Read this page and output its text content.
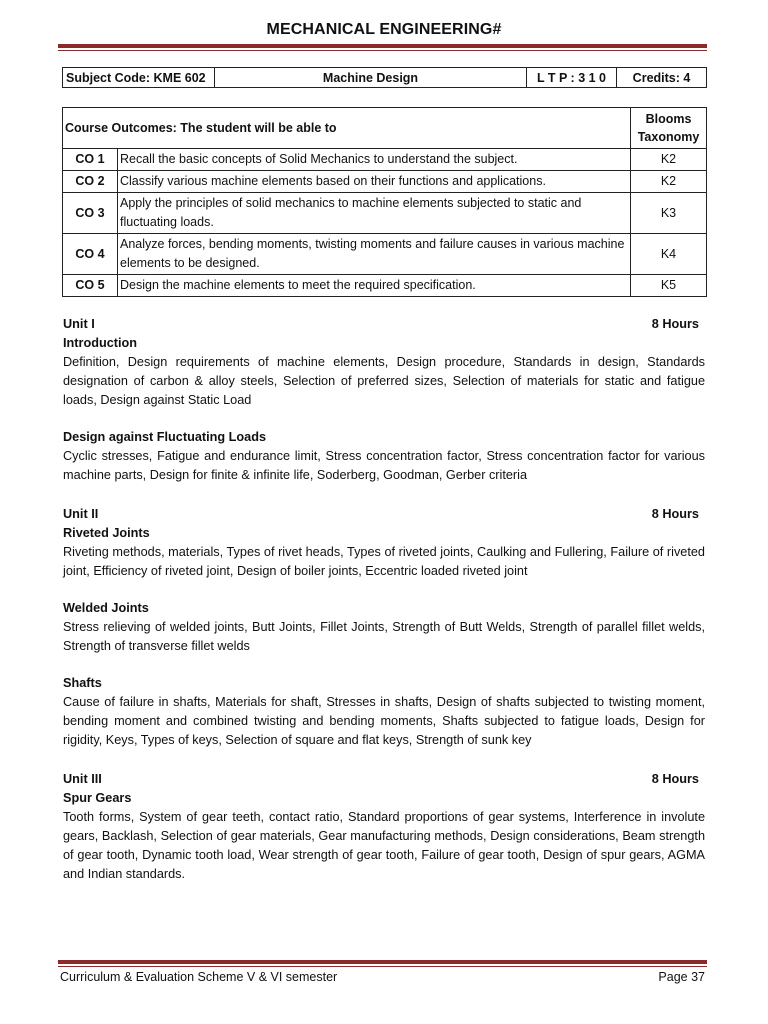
MECHANICAL ENGINEERING#
Subject Code: KME 602	Machine Design	L T P : 3 1 0	Credits: 4
Course Outcomes: The student will be able to		Blooms
Taxonomy
CO 1	Recall the basic concepts of Solid Mechanics to understand the subject.	K2
CO 2	Classify various machine elements based on their functions and applications.	K2
CO 3	Apply the principles of solid mechanics to machine elements subjected to static and fluctuating loads.	K3
CO 4	Analyze forces, bending moments, twisting moments and failure causes in various machine elements to be designed.	K4
CO 5	Design the machine elements to meet the required specification.	K5
Unit I	8 Hours
Introduction
Definition, Design requirements of machine elements, Design procedure, Standards in design, Standards designation of carbon & alloy steels, Selection of preferred sizes, Selection of materials for static and fatigue loads, Design against Static Load
Design against Fluctuating Loads
Cyclic stresses, Fatigue and endurance limit, Stress concentration factor, Stress concentration factor for various machine parts, Design for finite & infinite life, Soderberg, Goodman, Gerber criteria
Unit II	8 Hours
Riveted Joints
Riveting methods, materials, Types of rivet heads, Types of riveted joints, Caulking and Fullering, Failure of riveted joint, Efficiency of riveted joint, Design of boiler joints, Eccentric loaded riveted joint
Welded Joints
Stress relieving of welded joints, Butt Joints, Fillet Joints, Strength of Butt Welds, Strength of parallel fillet welds, Strength of transverse fillet welds
Shafts
Cause of failure in shafts, Materials for shaft, Stresses in shafts, Design of shafts subjected to twisting moment, bending moment and combined twisting and bending moments, Shafts subjected to fatigue loads, Design for rigidity, Keys, Types of keys, Selection of square and flat keys, Strength of sunk key
Unit III	8 Hours
Spur Gears
Tooth forms, System of gear teeth, contact ratio, Standard proportions of gear systems, Interference in involute gears, Backlash, Selection of gear materials, Gear manufacturing methods, Design considerations, Beam strength of gear tooth, Dynamic tooth load, Wear strength of gear tooth, Failure of gear tooth, Design of spur gears, AGMA and Indian standards.
Curriculum & Evaluation Scheme V & VI semester	Page 37
